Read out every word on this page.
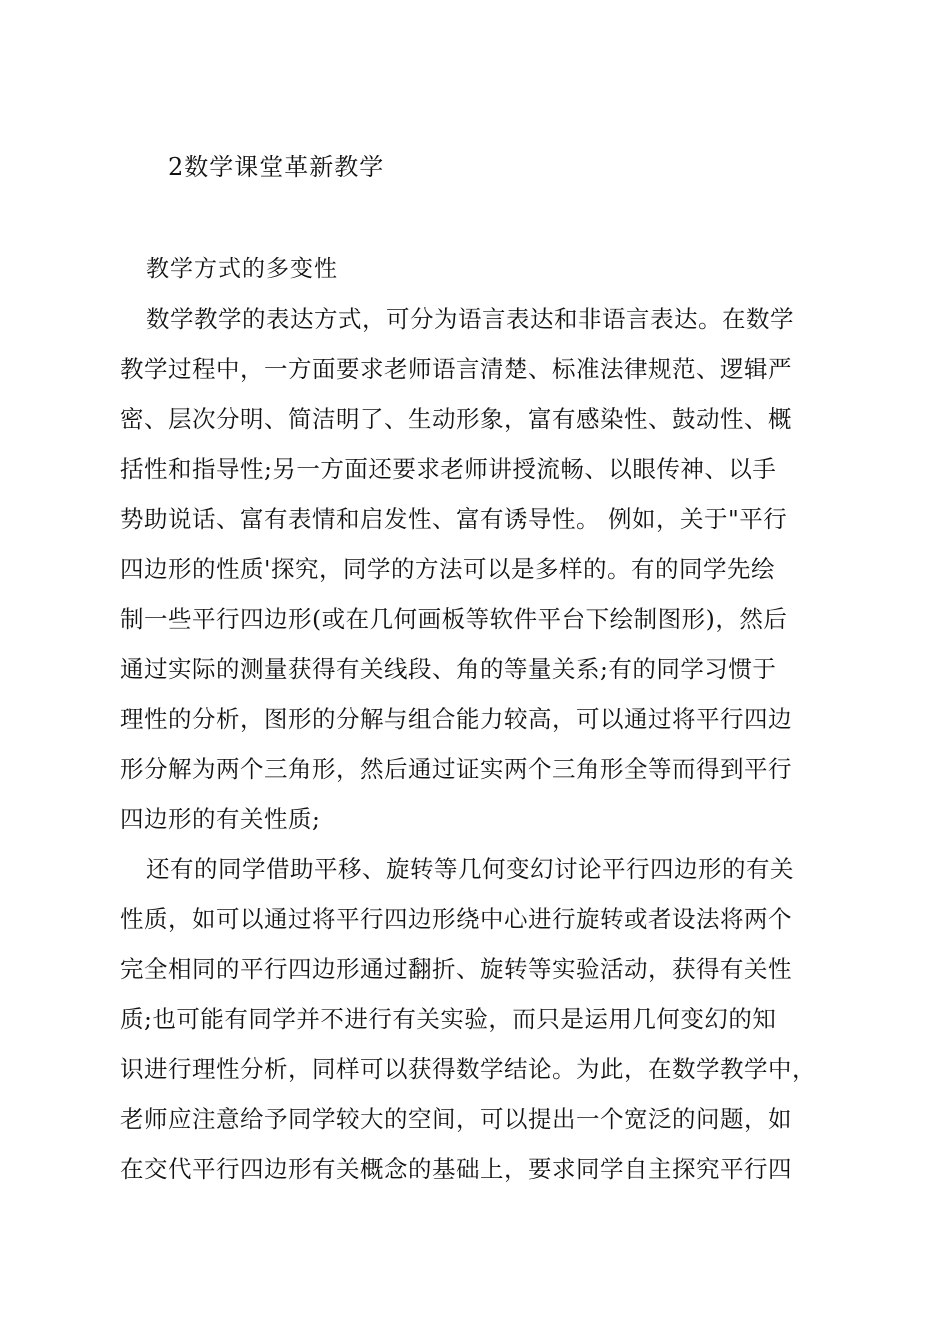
2数学课堂革新教学
教学方式的多变性
数学教学的表达方式，可分为语言表达和非语言表达。在数学
教学过程中，一方面要求老师语言清楚、标准法律规范、逻辑严
密、层次分明、简洁明了、生动形象，富有感染性、鼓动性、概
括性和指导性;另一方面还要求老师讲授流畅、以眼传神、以手
势助说话、富有表情和启发性、富有诱导性。 例如，关于"平行
四边形的性质'探究，同学的方法可以是多样的。有的同学先绘
制一些平行四边形(或在几何画板等软件平台下绘制图形)，然后
通过实际的测量获得有关线段、角的等量关系;有的同学习惯于
理性的分析，图形的分解与组合能力较高，可以通过将平行四边
形分解为两个三角形，然后通过证实两个三角形全等而得到平行
四边形的有关性质;
还有的同学借助平移、旋转等几何变幻讨论平行四边形的有关
性质，如可以通过将平行四边形绕中心进行旋转或者设法将两个
完全相同的平行四边形通过翻折、旋转等实验活动，获得有关性
质;也可能有同学并不进行有关实验，而只是运用几何变幻的知
识进行理性分析，同样可以获得数学结论。为此，在数学教学中，
老师应注意给予同学较大的空间，可以提出一个宽泛的问题，如
在交代平行四边形有关概念的基础上，要求同学自主探究平行四
